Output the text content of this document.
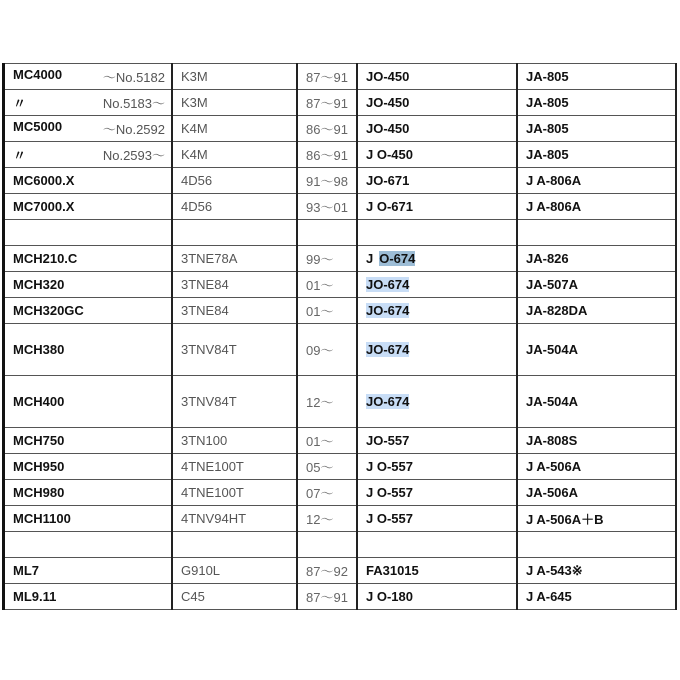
MC4000 ～No.5182	K3M	87～91	JO-450	JA-805
〃 No.5183～	K3M	87～91	JO-450	JA-805
MC5000 ～No.2592	K4M	86～91	JO-450	JA-805
〃 No.2593～	K4M	86～91	J O-450	JA-805
MC6000.X	4D56	91～98	JO-671	J A-806A
MC7000.X	4D56	93～01	J O-671	J A-806A

MCH210.C	3TNE78A	99～	J O-674	JA-826
MCH320	3TNE84	01～	JO-674	JA-507A
MCH320GC	3TNE84	01～	JO-674	JA-828DA
MCH380	3TNV84T	09～	JO-674	JA-504A
MCH400	3TNV84T	12～	JO-674	JA-504A
MCH750	3TN100	01～	JO-557	JA-808S
MCH950	4TNE100T	05～	J O-557	J A-506A
MCH980	4TNE100T	07～	J O-557	JA-506A
MCH1100	4TNV94HT	12～	J O-557	J A-506A＋B

ML7	G910L	87～92	FA31015	J A-543※
ML9.11	C45	87～91	J O-180	J A-645
